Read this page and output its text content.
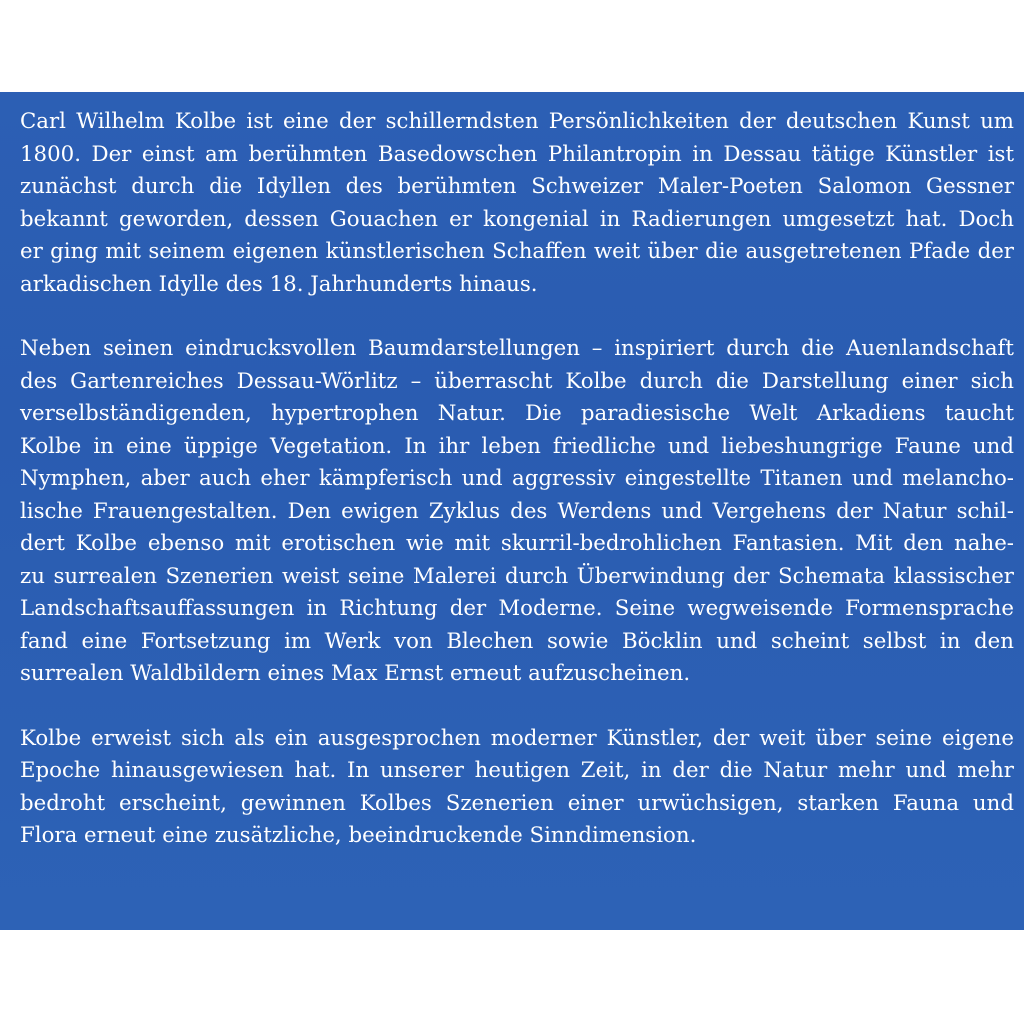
Carl Wilhelm Kolbe ist eine der schillerndsten Persönlichkeiten der deutschen Kunst um
1800. Der einst am berühmten Basedowschen Philantropin in Dessau tätige Künstler ist
zunächst durch die Idyllen des berühmten Schweizer Maler-Poeten Salomon Gessner
bekannt geworden, dessen Gouachen er kongenial in Radierungen umgesetzt hat. Doch
er ging mit seinem eigenen künstlerischen Schaffen weit über die ausgetretenen Pfade der
arkadischen Idylle des 18. Jahrhunderts hinaus.
Neben seinen eindrucksvollen Baumdarstellungen – inspiriert durch die Auenlandschaft
des Gartenreiches Dessau-Wörlitz – überrascht Kolbe durch die Darstellung einer sich
verselbständigenden, hypertrophen Natur. Die paradiesische Welt Arkadiens taucht
Kolbe in eine üppige Vegetation. In ihr leben friedliche und liebeshungrige Faune und
Nymphen, aber auch eher kämpferisch und aggressiv eingestellte Titanen und melancho-
lische Frauengestalten. Den ewigen Zyklus des Werdens und Vergehens der Natur schil-
dert Kolbe ebenso mit erotischen wie mit skurril-bedrohlichen Fantasien. Mit den nahe-
zu surrealen Szenerien weist seine Malerei durch Überwindung der Schemata klassischer
Landschaftsauffassungen in Richtung der Moderne. Seine wegweisende Formensprache
fand eine Fortsetzung im Werk von Blechen sowie Böcklin und scheint selbst in den
surrealen Waldbildern eines Max Ernst erneut aufzuscheinen.
Kolbe erweist sich als ein ausgesprochen moderner Künstler, der weit über seine eigene
Epoche hinausgewiesen hat. In unserer heutigen Zeit, in der die Natur mehr und mehr
bedroht erscheint, gewinnen Kolbes Szenerien einer urwüchsigen, starken Fauna und
Flora erneut eine zusätzliche, beeindruckende Sinndimension.
